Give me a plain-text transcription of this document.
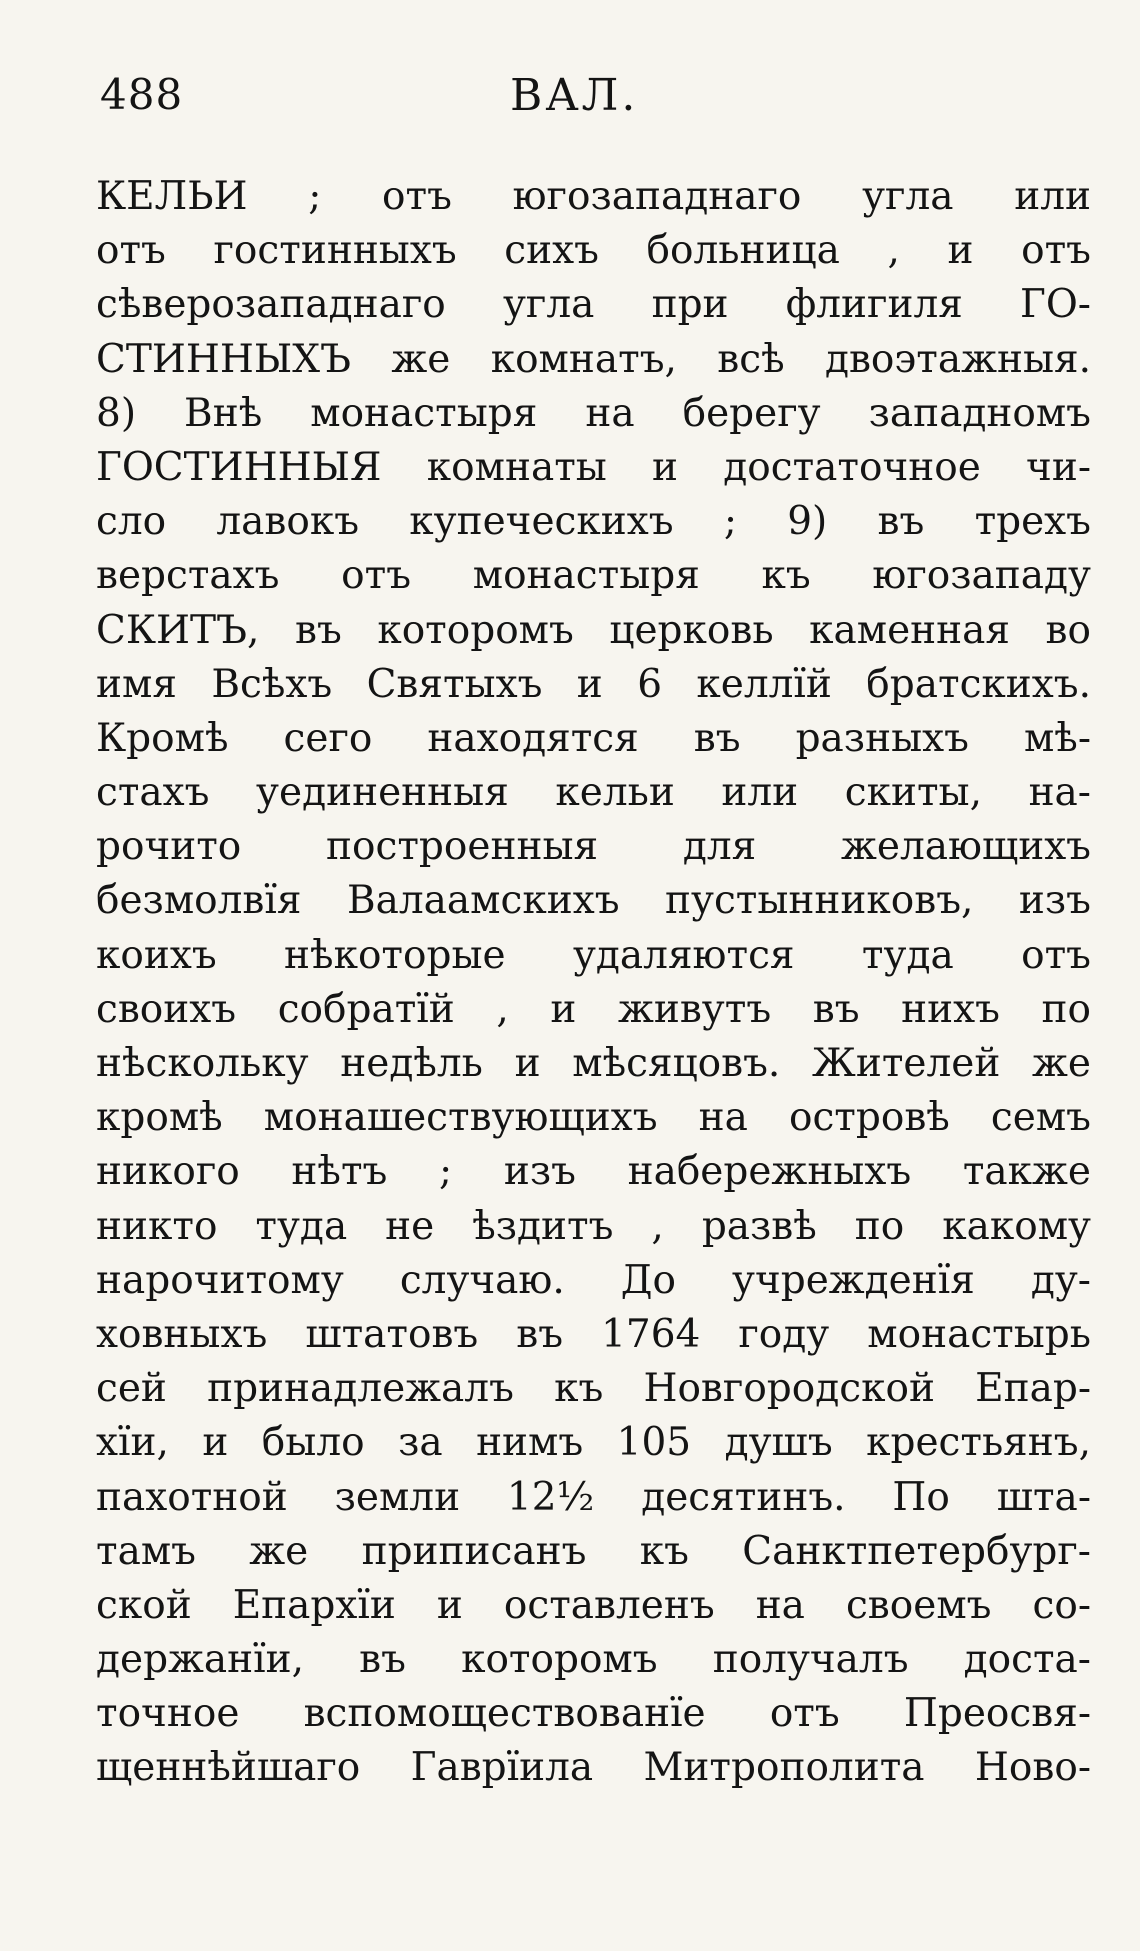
488	ВАЛ.
КЕЛЬИ ; отъ югозападнаго угла или
отъ гостинныхъ сихъ больница , и отъ
сѣверозападнаго угла при флигиля ГО-
СТИННЫХЪ же комнатъ, всѣ двоэтажныя.
8) Внѣ монастыря на берегу западномъ
ГОСТИННЫЯ комнаты и достаточное чи-
сло лавокъ купеческихъ ; 9) въ трехъ
верстахъ отъ монастыря къ югозападу
СКИТЪ, въ которомъ церковь каменная во
имя Всѣхъ Святыхъ и 6 келлїй братскихъ.
Кромѣ сего находятся въ разныхъ мѣ-
стахъ уединенныя кельи или скиты, на-
рочито построенныя для желающихъ
безмолвїя Валаамскихъ пустынниковъ, изъ
коихъ нѣкоторые удаляются туда отъ
своихъ собратїй , и живутъ въ нихъ по
нѣскольку недѣль и мѣсяцовъ. Жителей же
кромѣ монашествующихъ на островѣ семъ
никого нѣтъ ; изъ набережныхъ также
никто туда не ѣздитъ , развѣ по какому
нарочитому случаю. До учрежденїя ду-
ховныхъ штатовъ въ 1764 году монастырь
сей принадлежалъ къ Новгородской Епар-
хїи, и было за нимъ 105 душъ крестьянъ,
пахотной земли 12½ десятинъ. По шта-
тамъ же приписанъ къ Санктпетербург-
ской Епархїи и оставленъ на своемъ со-
держанїи, въ которомъ получалъ доста-
точное вспомоществованїе отъ Преосвя-
щеннѣйшаго Гаврїила Митрополита Ново-
